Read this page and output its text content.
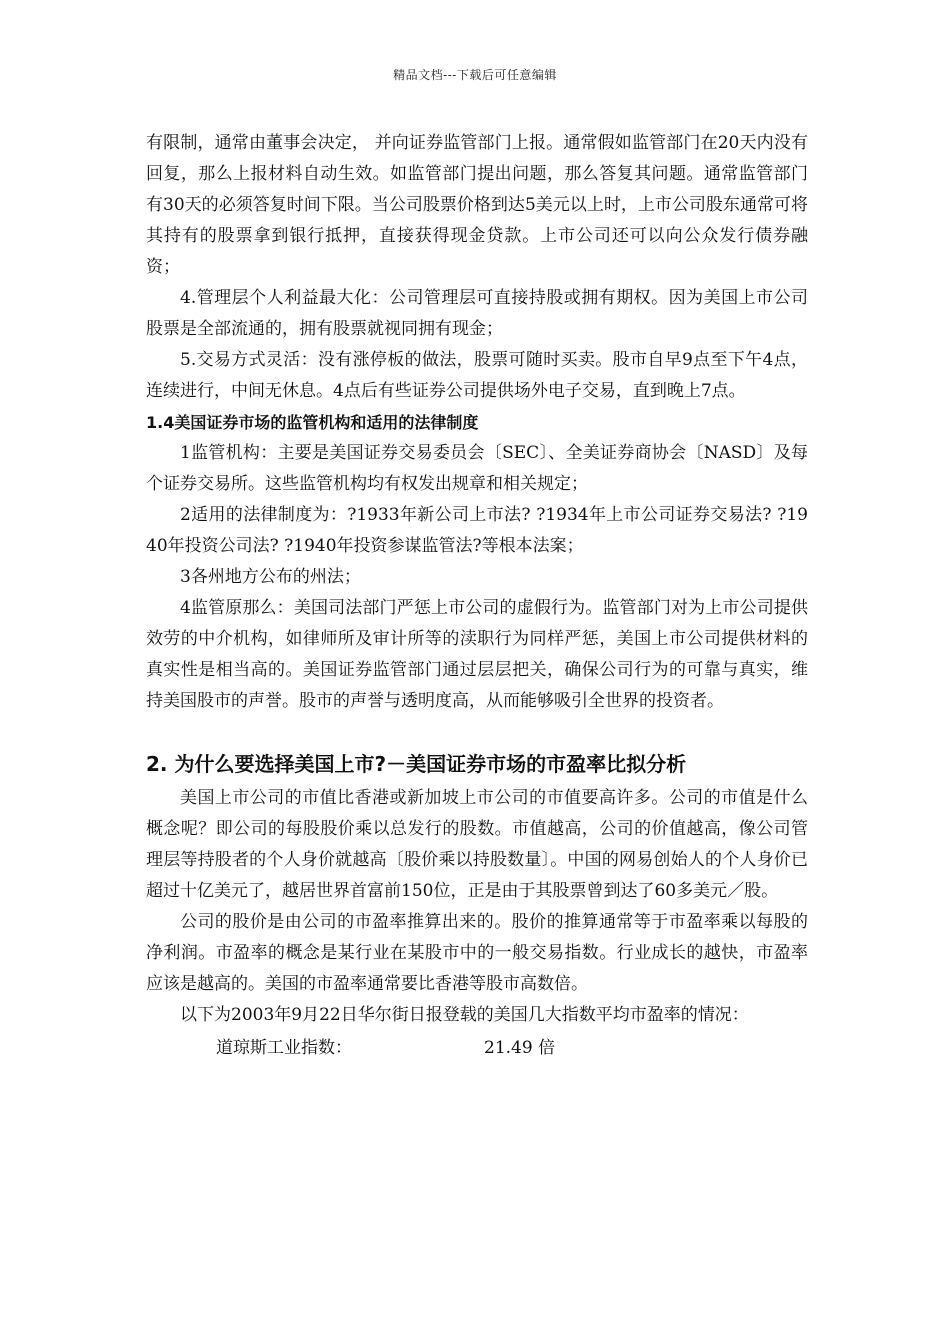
精品文档---下载后可任意编辑

有限制，通常由董事会决定， 并向证券监管部门上报。通常假如监管部门在20天内没有回复，那么上报材料自动生效。如监管部门提出问题，那么答复其问题。通常监管部门有30天的必须答复时间下限。当公司股票价格到达5美元以上时，上市公司股东通常可将其持有的股票拿到银行抵押，直接获得现金贷款。上市公司还可以向公众发行债券融资；

4.管理层个人利益最大化：公司管理层可直接持股或拥有期权。因为美国上市公司股票是全部流通的，拥有股票就视同拥有现金；

5.交易方式灵活：没有涨停板的做法，股票可随时买卖。股市自早9点至下午4点，连续进行，中间无休息。4点后有些证券公司提供场外电子交易，直到晚上7点。

1.4美国证券市场的监管机构和适用的法律制度

1监管机构：主要是美国证券交易委员会〔SEC〕、全美证券商协会〔NASD〕及每个证券交易所。这些监管机构均有权发出规章和相关规定；

2适用的法律制度为：?1933年新公司上市法? ?1934年上市公司证券交易法? ?1940年投资公司法? ?1940年投资参谋监管法?等根本法案；

3各州地方公布的州法；

4监管原那么：美国司法部门严惩上市公司的虚假行为。监管部门对为上市公司提供效劳的中介机构，如律师所及审计所等的渎职行为同样严惩，美国上市公司提供材料的真实性是相当高的。美国证券监管部门通过层层把关，确保公司行为的可靠与真实，维持美国股市的声誉。股市的声誉与透明度高，从而能够吸引全世界的投资者。

2. 为什么要选择美国上市?－美国证券市场的市盈率比拟分析

美国上市公司的市值比香港或新加坡上市公司的市值要高许多。公司的市值是什么概念呢？即公司的每股股价乘以总发行的股数。市值越高，公司的价值越高，像公司管理层等持股者的个人身价就越高〔股价乘以持股数量〕。中国的网易创始人的个人身价已超过十亿美元了，越居世界首富前150位，正是由于其股票曾到达了60多美元／股。

公司的股价是由公司的市盈率推算出来的。股价的推算通常等于市盈率乘以每股的净利润。市盈率的概念是某行业在某股市中的一般交易指数。行业成长的越快，市盈率应该是越高的。美国的市盈率通常要比香港等股市高数倍。

以下为2003年9月22日华尔街日报登载的美国几大指数平均市盈率的情况：

道琼斯工业指数：	21.49 倍
